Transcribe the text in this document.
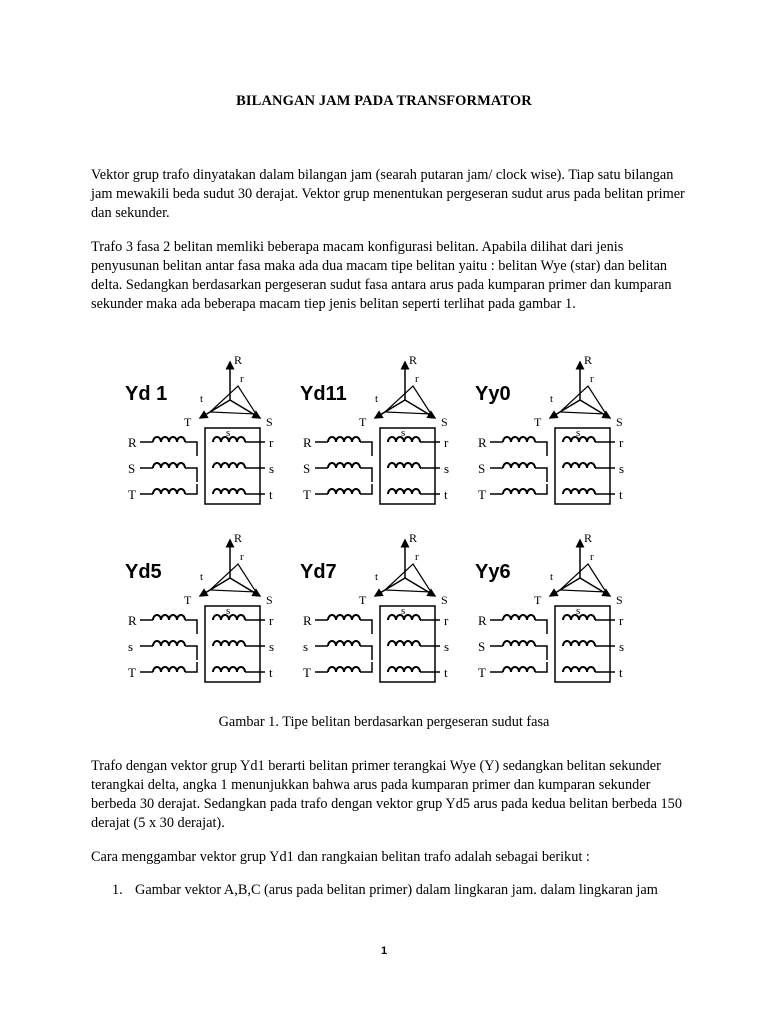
BILANGAN JAM PADA TRANSFORMATOR
Vektor grup trafo dinyatakan dalam bilangan jam (searah putaran jam/ clock wise). Tiap satu bilangan jam mewakili beda sudut 30 derajat. Vektor grup menentukan pergeseran sudut arus pada belitan primer dan sekunder.
Trafo 3 fasa 2 belitan memliki beberapa macam konfigurasi belitan. Apabila dilihat dari jenis penyusunan belitan antar fasa maka ada dua macam tipe belitan yaitu : belitan Wye (star) dan belitan delta. Sedangkan berdasarkan pergeseran sudut fasa antara arus pada kumparan primer dan kumparan sekunder maka ada beberapa macam tiep jenis belitan seperti terlihat pada gambar 1.
Yd 1
R
T	S
r
t
s
R	r
S	s
T	t
Yd11
R
T	S
r
t
s
R	r
S	s
T	t
Yy0
R
T	S
r
t
s
R	r
S	s
T	t
Yd5
R
T	S
r
t
s
R	r
s	s
T	t
Yd7
R
T	S
r
t
s
R	r
s	s
T	t
Yy6
R
T	S
r
t
s
R	r
S	s
T	t
Gambar 1. Tipe belitan berdasarkan pergeseran sudut fasa
Trafo dengan vektor grup Yd1 berarti belitan primer terangkai Wye (Y) sedangkan belitan sekunder terangkai delta, angka 1 menunjukkan bahwa arus pada kumparan primer dan kumparan sekunder berbeda 30 derajat. Sedangkan pada trafo dengan vektor grup Yd5 arus pada kedua belitan berbeda 150 derajat (5 x 30 derajat).
Cara menggambar vektor grup Yd1 dan rangkaian belitan trafo adalah sebagai berikut :
1. Gambar vektor A,B,C (arus pada belitan primer) dalam lingkaran jam. dalam lingkaran jam
1
